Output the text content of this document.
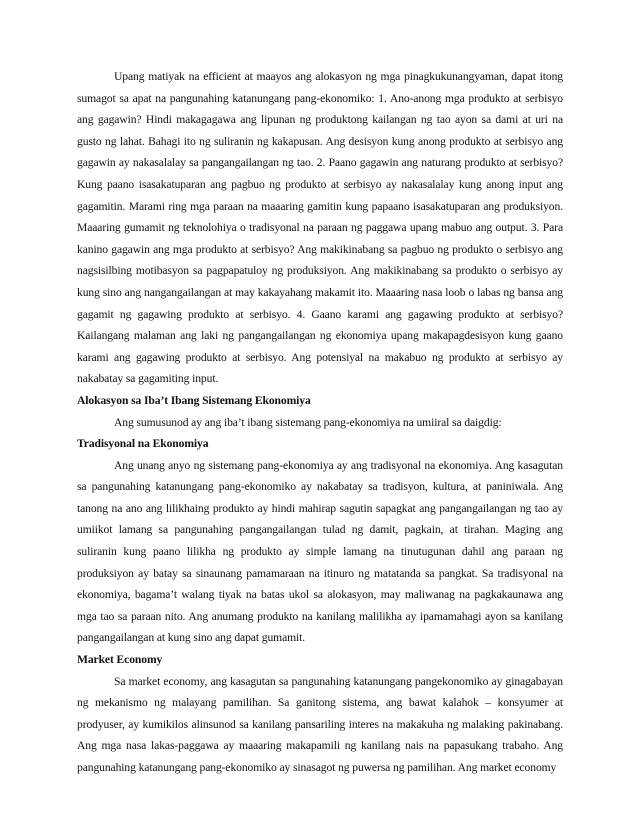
Upang matiyak na efficient at maayos ang alokasyon ng mga pinagkukunangyaman, dapat itong sumagot sa apat na pangunahing katanungang pang-ekonomiko: 1. Ano-anong mga produkto at serbisyo ang gagawin? Hindi makagagawa ang lipunan ng produktong kailangan ng tao ayon sa dami at uri na gusto ng lahat. Bahagi ito ng suliranin ng kakapusan. Ang desisyon kung anong produkto at serbisyo ang gagawin ay nakasalalay sa pangangailangan ng tao. 2. Paano gagawin ang naturang produkto at serbisyo? Kung paano isasakatuparan ang pagbuo ng produkto at serbisyo ay nakasalalay kung anong input ang gagamitin. Marami ring mga paraan na maaaring gamitin kung papaano isasakatuparan ang produksiyon. Maaaring gumamit ng teknolohiya o tradisyonal na paraan ng paggawa upang mabuo ang output. 3. Para kanino gagawin ang mga produkto at serbisyo? Ang makikinabang sa pagbuo ng produkto o serbisyo ang nagsisilbing motibasyon sa pagpapatuloy ng produksiyon. Ang makikinabang sa produkto o serbisyo ay kung sino ang nangangailangan at may kakayahang makamit ito. Maaaring nasa loob o labas ng bansa ang gagamit ng gagawing produkto at serbisyo. 4. Gaano karami ang gagawing produkto at serbisyo? Kailangang malaman ang laki ng pangangailangan ng ekonomiya upang makapagdesisyon kung gaano karami ang gagawing produkto at serbisyo. Ang potensiyal na makabuo ng produkto at serbisyo ay nakabatay sa gagamiting input.

Alokasyon sa Iba’t Ibang Sistemang Ekonomiya

Ang sumusunod ay ang iba’t ibang sistemang pang-ekonomiya na umiiral sa daigdig:

Tradisyonal na Ekonomiya

Ang unang anyo ng sistemang pang-ekonomiya ay ang tradisyonal na ekonomiya. Ang kasagutan sa pangunahing katanungang pang-ekonomiko ay nakabatay sa tradisyon, kultura, at paniniwala. Ang tanong na ano ang lilikhaing produkto ay hindi mahirap sagutin sapagkat ang pangangailangan ng tao ay umiikot lamang sa pangunahing pangangailangan tulad ng damit, pagkain, at tirahan. Maging ang suliranin kung paano lilikha ng produkto ay simple lamang na tinutugunan dahil ang paraan ng produksiyon ay batay sa sinaunang pamamaraan na itinuro ng matatanda sa pangkat. Sa tradisyonal na ekonomiya, bagama’t walang tiyak na batas ukol sa alokasyon, may maliwanag na pagkakaunawa ang mga tao sa paraan nito. Ang anumang produkto na kanilang malilikha ay ipamamahagi ayon sa kanilang pangangailangan at kung sino ang dapat gumamit.

Market Economy

Sa market economy, ang kasagutan sa pangunahing katanungang pangekonomiko ay ginagabayan ng mekanismo ng malayang pamilihan. Sa ganitong sistema, ang bawat kalahok – konsyumer at prodyuser, ay kumikilos alinsunod sa kanilang pansariling interes na makakuha ng malaking pakinabang. Ang mga nasa lakas-paggawa ay maaaring makapamili ng kanilang nais na papasukang trabaho. Ang pangunahing katanungang pang-ekonomiko ay sinasagot ng puwersa ng pamilihan. Ang market economy
